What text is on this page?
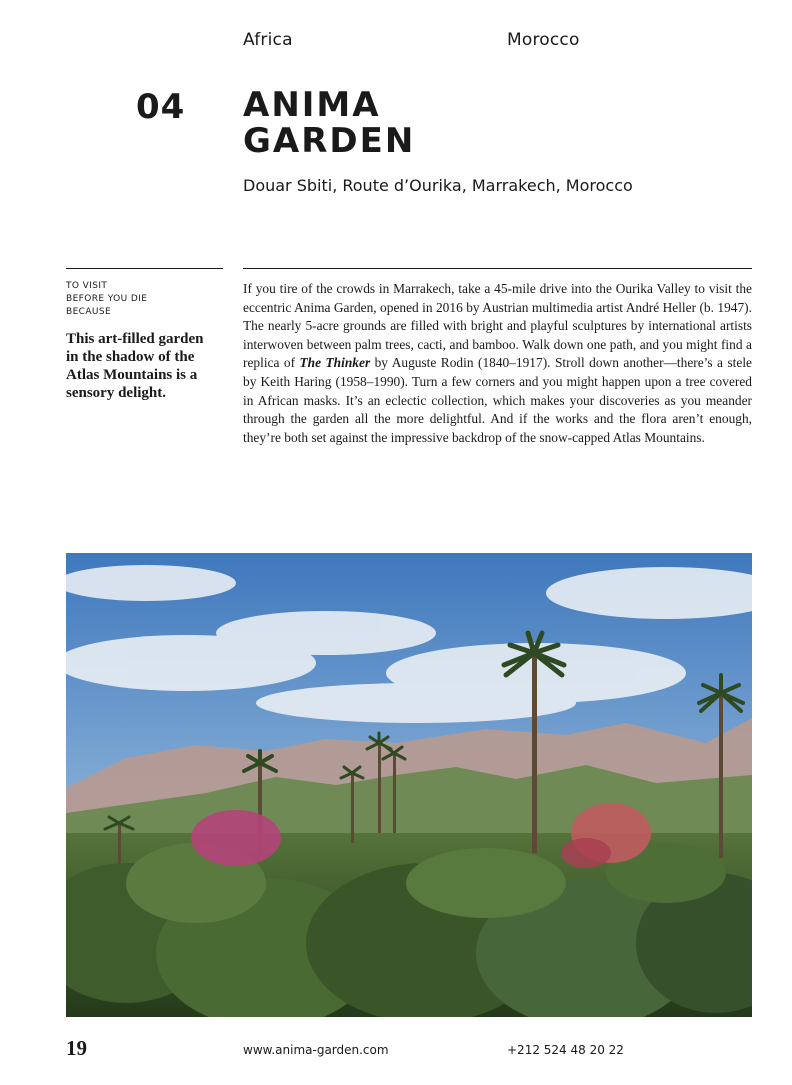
Africa	Morocco
04 ANIMA
GARDEN
Douar Sbiti, Route d’Ourika, Marrakech, Morocco
TO VISIT
BEFORE YOU DIE
BECAUSE
This art-filled garden in the shadow of the Atlas Mountains is a sensory delight.
If you tire of the crowds in Marrakech, take a 45-mile drive into the Ourika Valley to visit the eccentric Anima Garden, opened in 2016 by Austrian multimedia artist André Heller (b. 1947). The nearly 5-acre grounds are filled with bright and playful sculptures by international artists interwoven between palm trees, cacti, and bamboo. Walk down one path, and you might find a replica of The Thinker by Auguste Rodin (1840–1917). Stroll down another—there’s a stele by Keith Haring (1958–1990). Turn a few corners and you might happen upon a tree covered in African masks. It’s an eclectic collection, which makes your discoveries as you meander through the garden all the more delightful. And if the works and the flora aren’t enough, they’re both set against the impressive backdrop of the snow-capped Atlas Mountains.
19	www.anima-garden.com	+212 524 48 20 22
